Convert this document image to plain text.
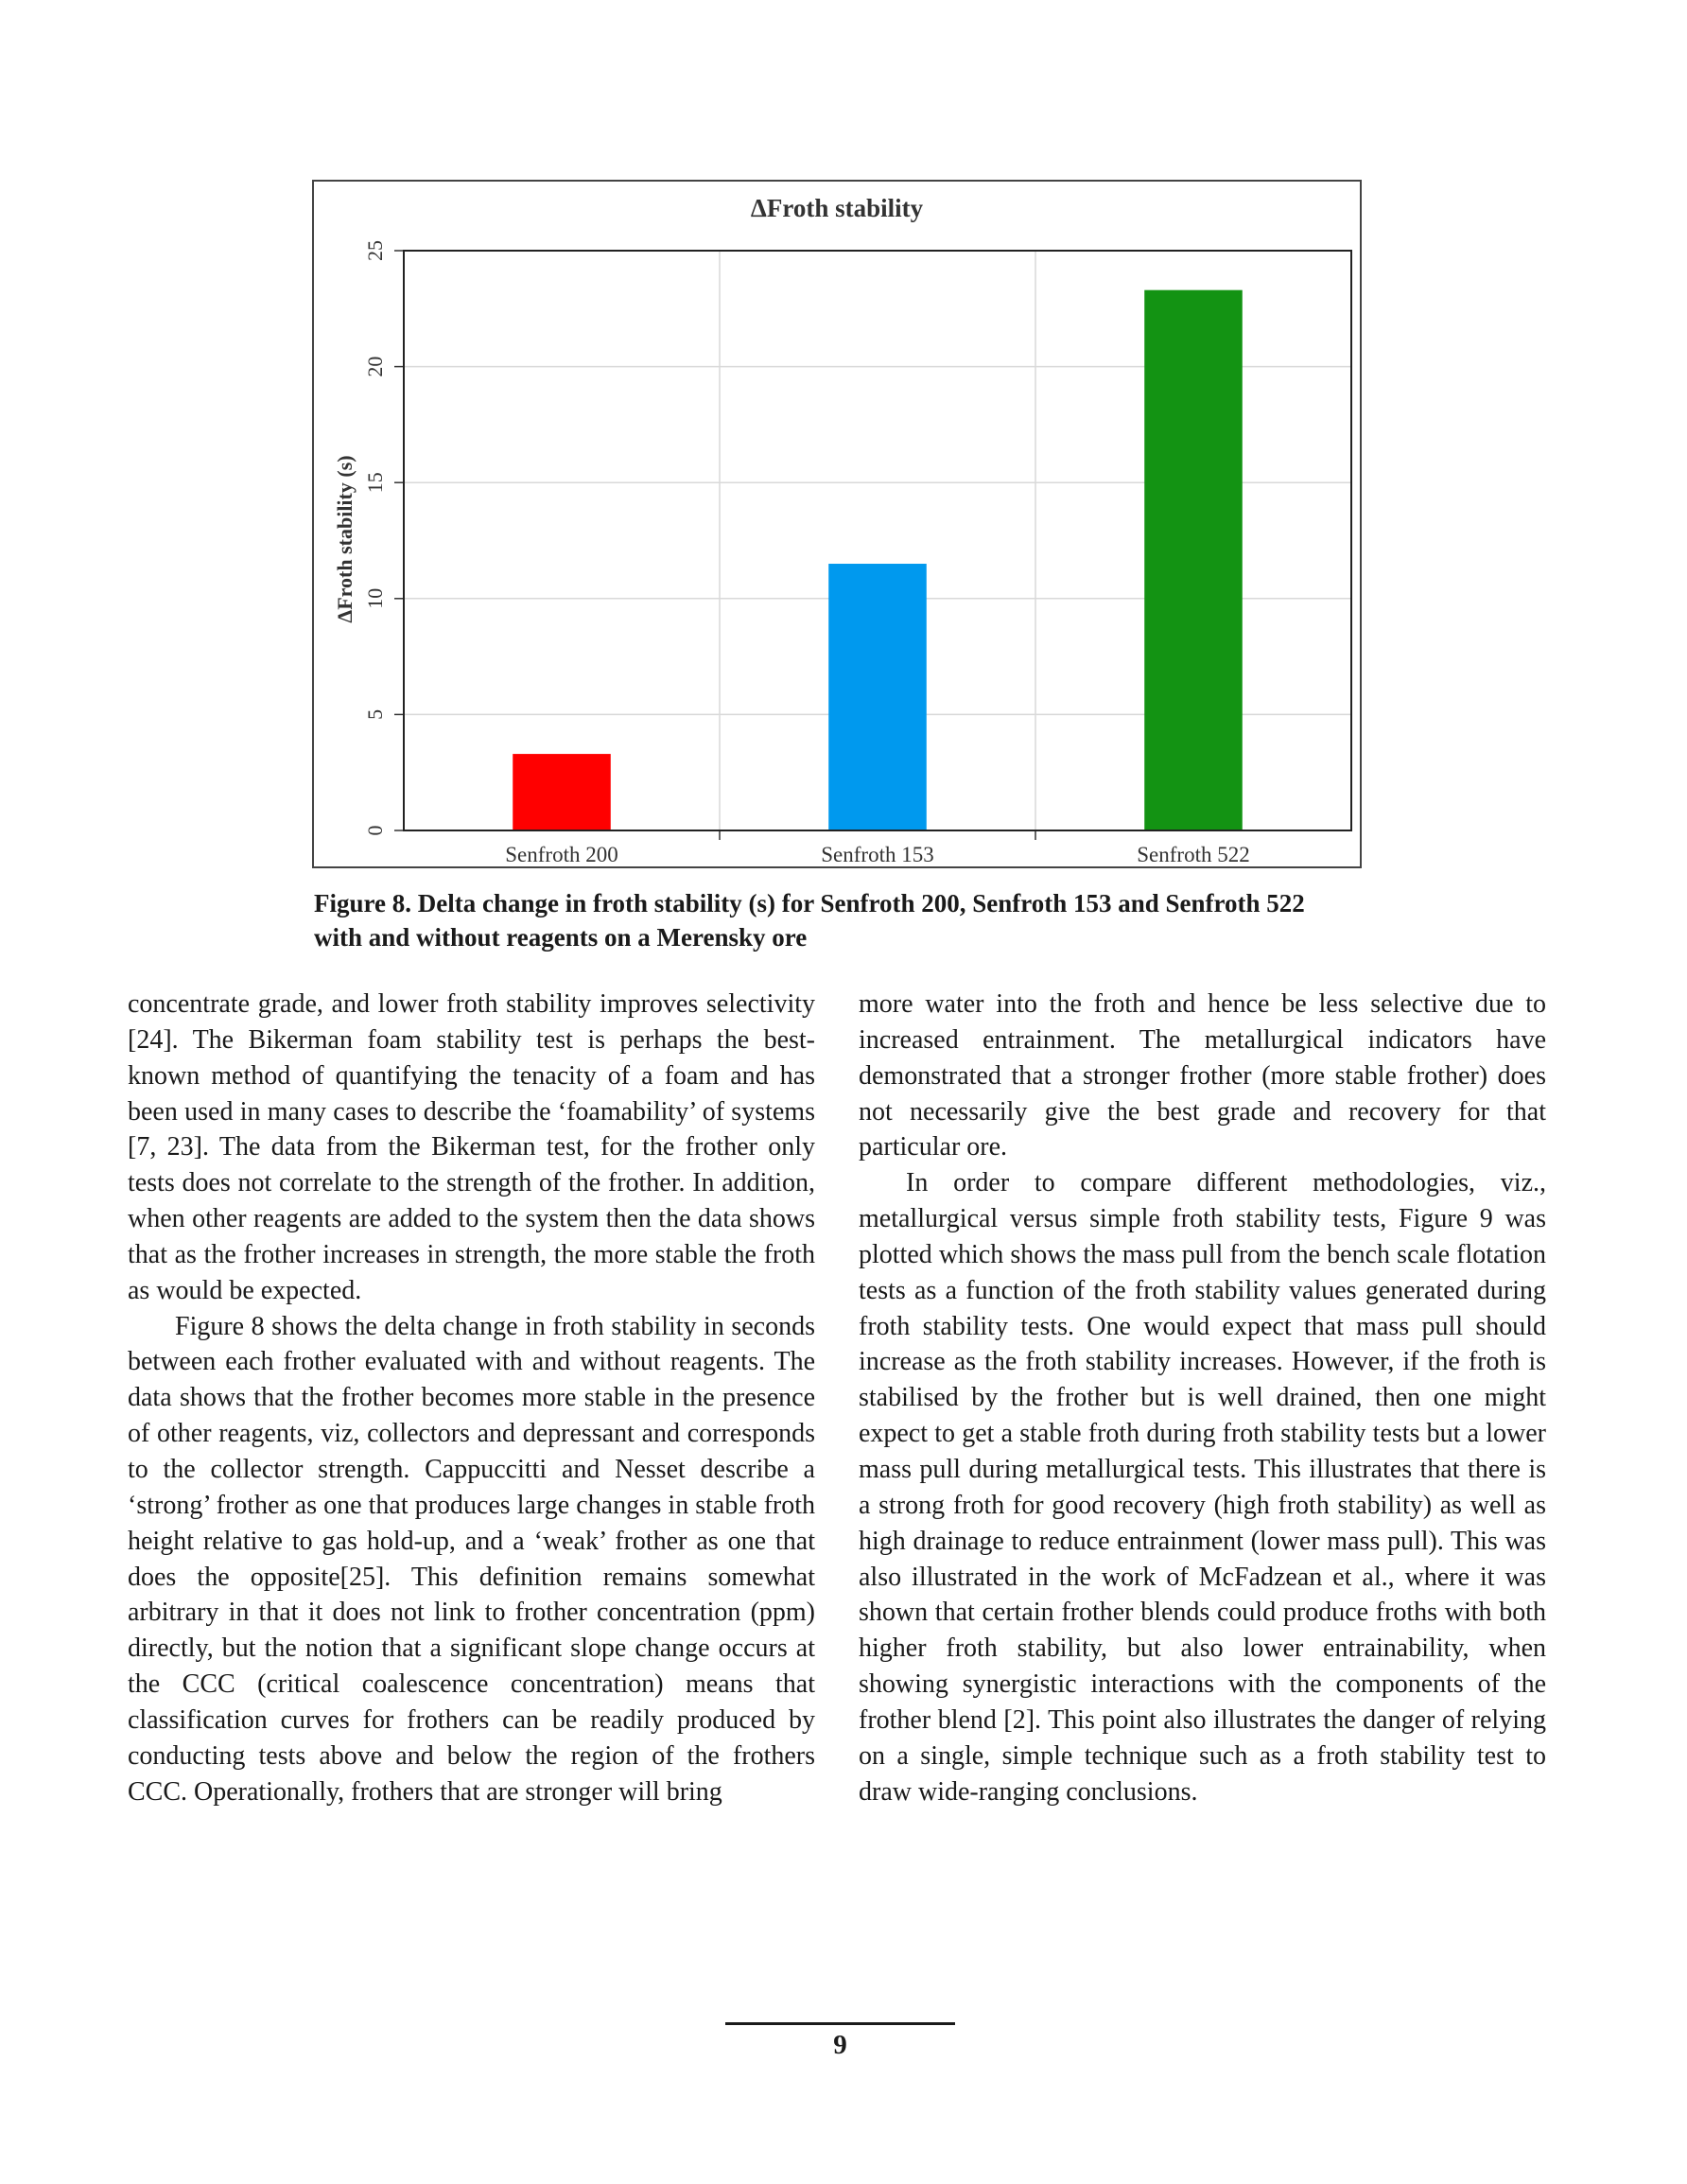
0
5
10
15
20
25
Senfroth 200	Senfroth 153	Senfroth 522
ΔFroth stability
ΔFroth stability (s)
Figure 8. Delta change in froth stability (s) for Senfroth 200, Senfroth 153 and Senfroth 522
with and without reagents on a Merensky ore

concentrate grade, and lower froth stability improves selectivity [24]. The Bikerman foam stability test is perhaps the best-known method of quantifying the tenacity of a foam and has been used in many cases to describe the ‘foamability’ of systems [7, 23]. The data from the Bikerman test, for the frother only tests does not correlate to the strength of the frother. In addition, when other reagents are added to the system then the data shows that as the frother increases in strength, the more stable the froth as would be expected.

Figure 8 shows the delta change in froth stability in seconds between each frother evaluated with and without reagents. The data shows that the frother becomes more stable in the presence of other reagents, viz, collectors and depressant and corresponds to the collector strength. Cappuccitti and Nesset describe a ‘strong’ frother as one that produces large changes in stable froth height relative to gas hold-up, and a ‘weak’ frother as one that does the opposite[25]. This definition remains somewhat arbitrary in that it does not link to frother concentration (ppm) directly, but the notion that a significant slope change occurs at the CCC (critical coalescence concentration) means that classification curves for frothers can be readily produced by conducting tests above and below the region of the frothers CCC. Operationally, frothers that are stronger will bring

more water into the froth and hence be less selective due to increased entrainment. The metallurgical indicators have demonstrated that a stronger frother (more stable frother) does not necessarily give the best grade and recovery for that particular ore.

In order to compare different methodologies, viz., metallurgical versus simple froth stability tests, Figure 9 was plotted which shows the mass pull from the bench scale flotation tests as a function of the froth stability values generated during froth stability tests. One would expect that mass pull should increase as the froth stability increases. However, if the froth is stabilised by the frother but is well drained, then one might expect to get a stable froth during froth stability tests but a lower mass pull during metallurgical tests. This illustrates that there is a strong froth for good recovery (high froth stability) as well as high drainage to reduce entrainment (lower mass pull). This was also illustrated in the work of McFadzean et al., where it was shown that certain frother blends could produce froths with both higher froth stability, but also lower entrainability, when showing synergistic interactions with the components of the frother blend [2]. This point also illustrates the danger of relying on a single, simple technique such as a froth stability test to draw wide-ranging conclusions.

9
